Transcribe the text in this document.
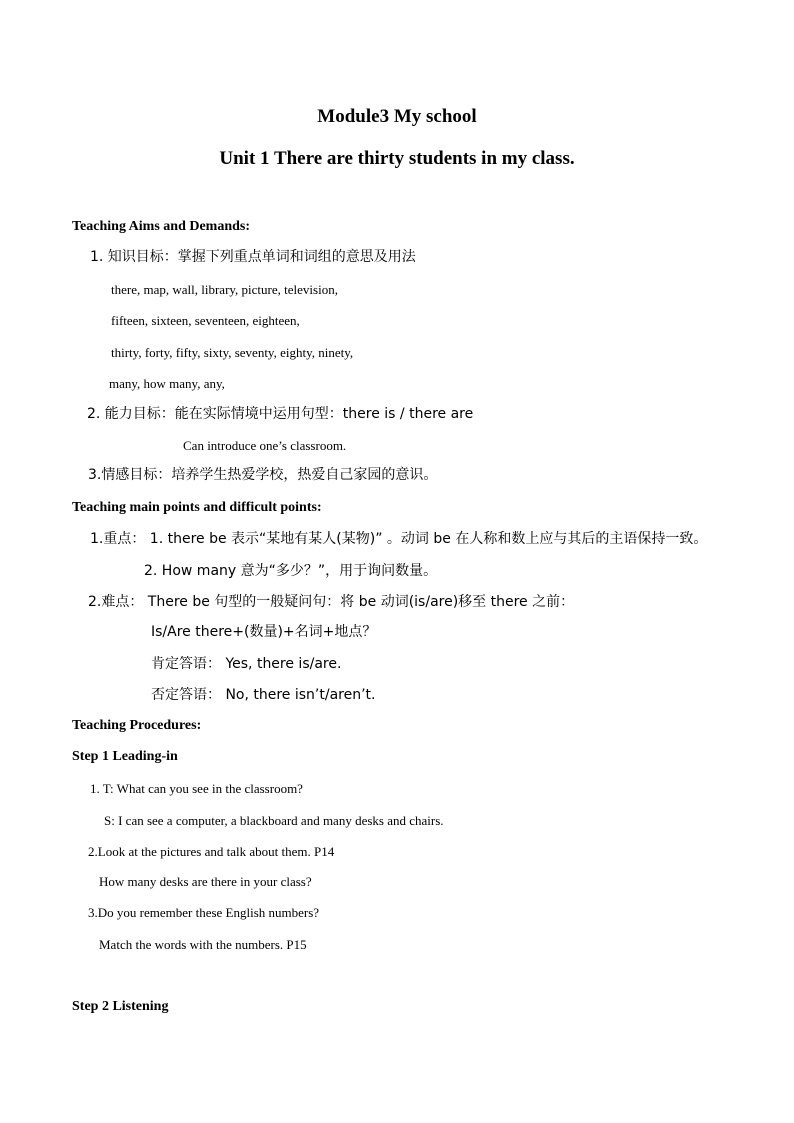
Module3 My school
Unit 1 There are thirty students in my class.
Teaching Aims and Demands:
1. 知识目标：掌握下列重点单词和词组的意思及用法
there, map, wall, library, picture, television,
fifteen, sixteen, seventeen, eighteen,
thirty, forty, fifty, sixty, seventy, eighty, ninety,
many, how many, any,
2. 能力目标：能在实际情境中运用句型：there is / there are
Can introduce one’s classroom.
3.情感目标：培养学生热爱学校，热爱自己家园的意识。
Teaching main points and difficult points:
1.重点： 1. there be 表示“某地有某人(某物)” 。动词 be 在人称和数上应与其后的主语保持一致。
2. How many 意为“多少？”，用于询问数量。
2.难点： There be 句型的一般疑问句：将 be 动词(is/are)移至 there 之前：
Is/Are there+(数量)+名词+地点？
肯定答语： Yes, there is/are.
否定答语： No, there isn’t/aren’t.
Teaching Procedures:
Step 1 Leading-in
1. T: What can you see in the classroom?
S: I can see a computer, a blackboard and many desks and chairs.
2.Look at the pictures and talk about them. P14
How many desks are there in your class?
3.Do you remember these English numbers?
Match the words with the numbers. P15
Step 2 Listening
